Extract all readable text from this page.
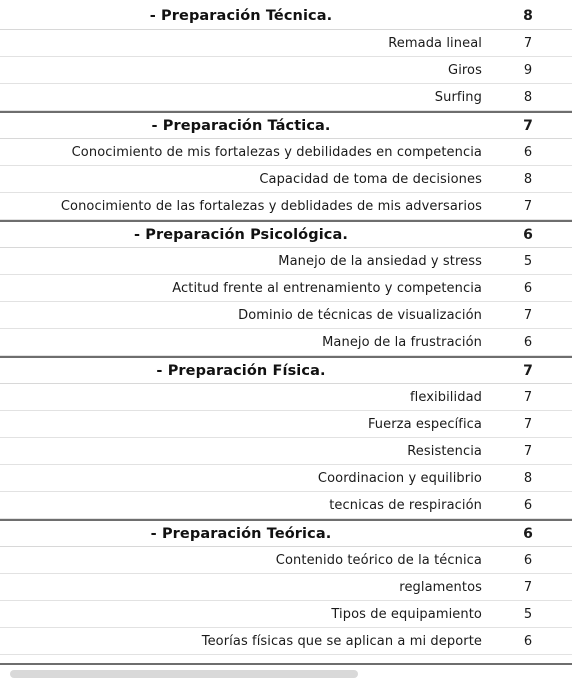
- Preparación Técnica.	8
Remada lineal	7
Giros	9
Surfing	8
- Preparación Táctica.	7
Conocimiento de mis fortalezas y debilidades en competencia	6
Capacidad de toma de decisiones	8
Conocimiento de las fortalezas y deblidades de mis adversarios	7
- Preparación Psicológica.	6
Manejo de la ansiedad y stress	5
Actitud frente al entrenamiento y competencia	6
Dominio de técnicas de visualización	7
Manejo de la frustración	6
- Preparación Física.	7
flexibilidad	7
Fuerza específica	7
Resistencia	7
Coordinacion y equilibrio	8
tecnicas de respiración	6
- Preparación Teórica.	6
Contenido teórico de la técnica	6
reglamentos	7
Tipos de equipamiento	5
Teorías físicas que se aplican a mi deporte	6
